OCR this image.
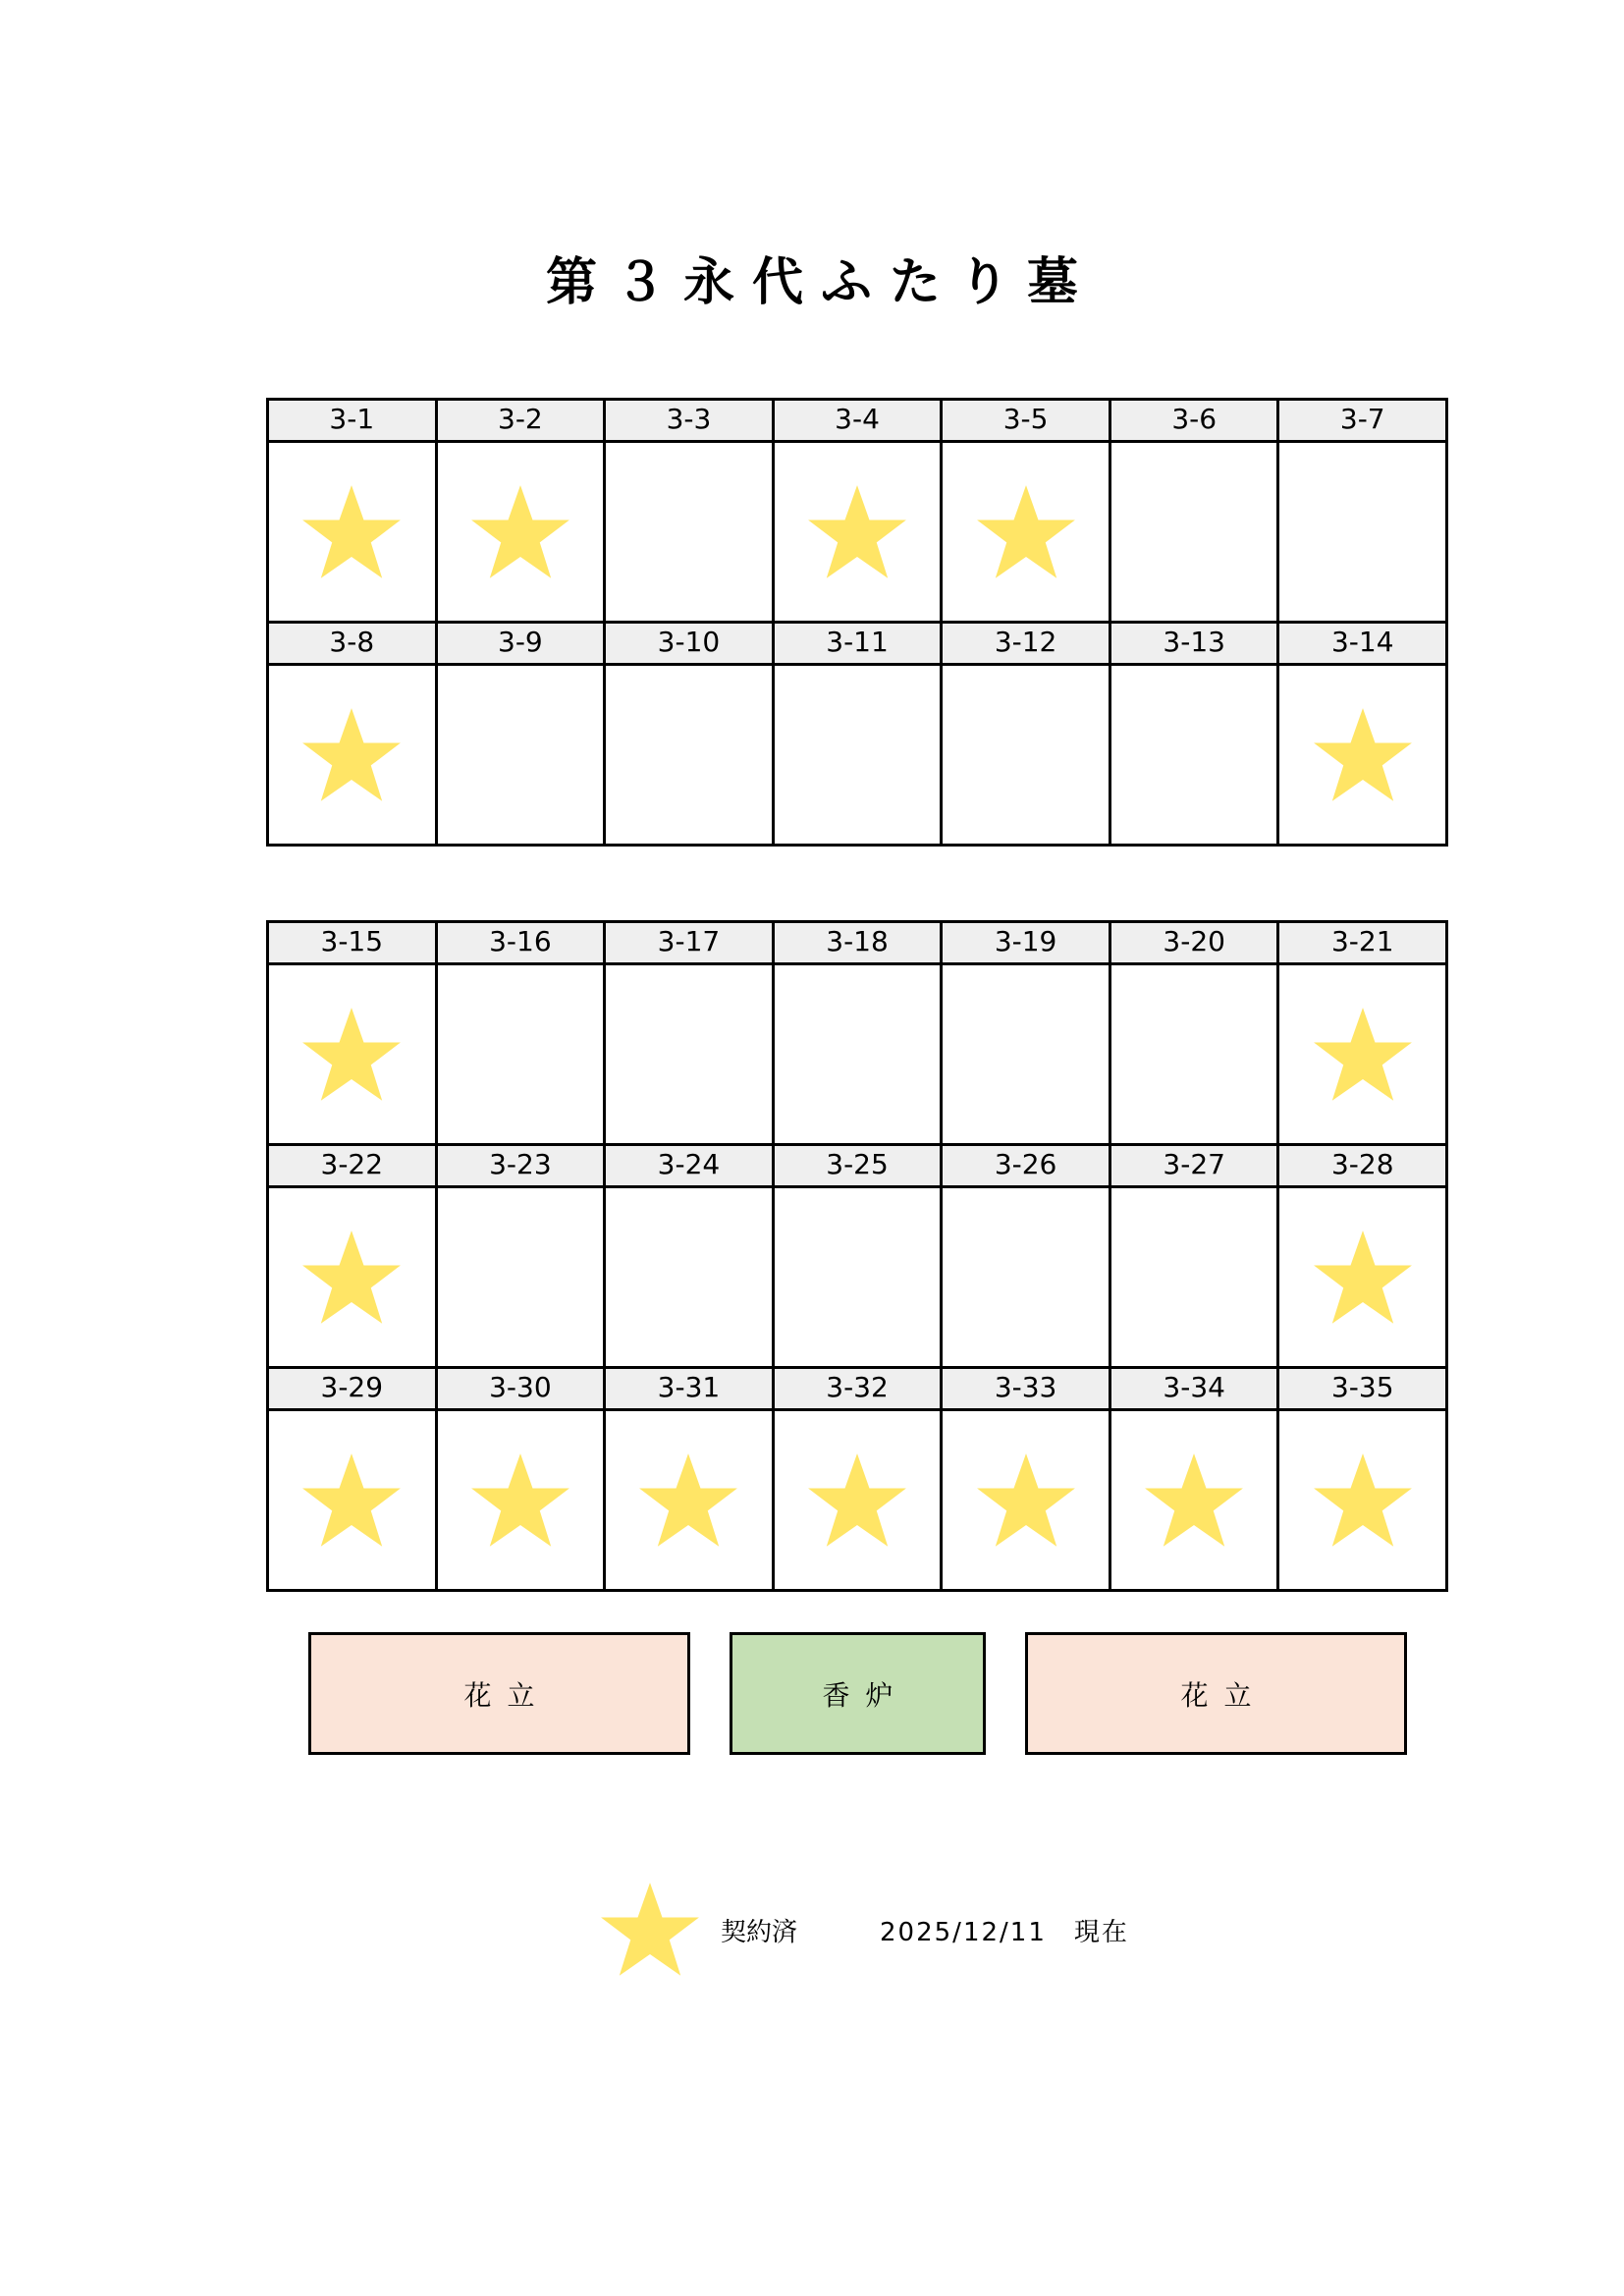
第３永代ふたり墓
3-1	3-2	3-3	3-4	3-5	3-6	3-7
3-8	3-9	3-10	3-11	3-12	3-13	3-14
3-15	3-16	3-17	3-18	3-19	3-20	3-21
3-22	3-23	3-24	3-25	3-26	3-27	3-28
3-29	3-30	3-31	3-32	3-33	3-34	3-35
花立	香炉	花立
契約済	2025/12/11　 現在
